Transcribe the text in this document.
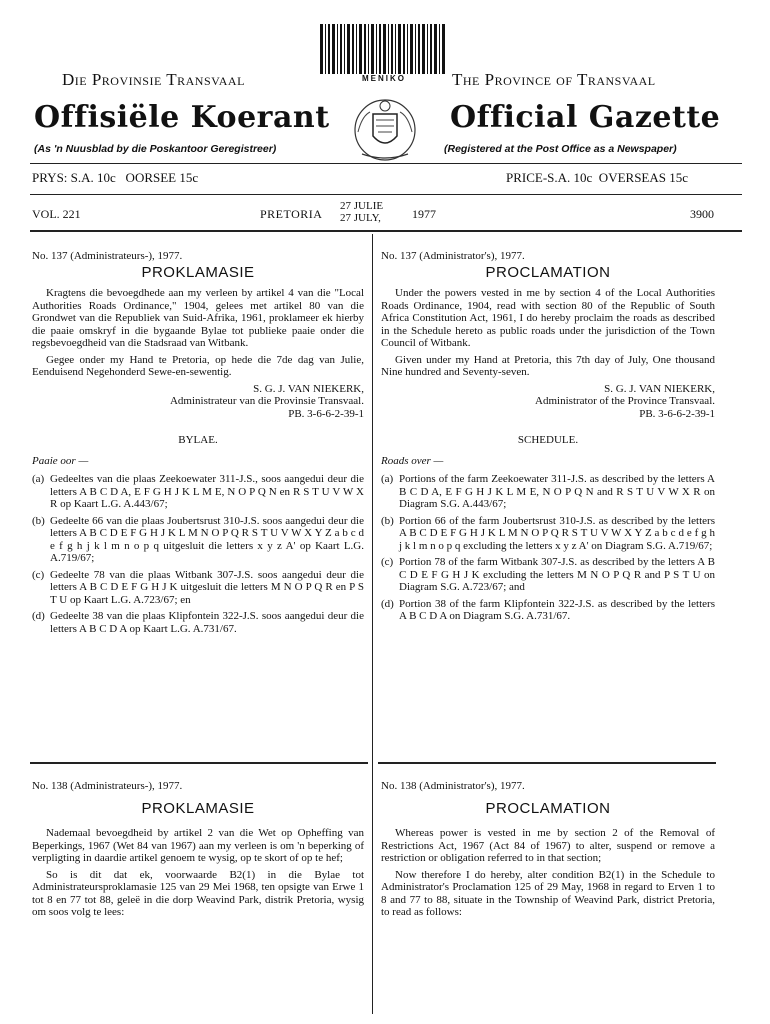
MENIKO
Die Provinsie Transvaal	The Province of Transvaal
Offisiële Koerant	Official Gazette
(As 'n Nuusblad by die Poskantoor Geregistreer)	(Registered at the Post Office as a Newspaper)
PRYS: S.A. 10c   OORSEE 15c	PRICE-S.A. 10c  OVERSEAS 15c
VOL. 221	PRETORIA
27 JULIE
27 JULY,	1977	3900
No. 137 (Administrateurs-), 1977.
PROKLAMASIE

Kragtens die bevoegdhede aan my verleen by artikel 4 van die "Local Authorities Roads Ordinance," 1904, gelees met artikel 80 van die Grondwet van die Republiek van Suid-Afrika, 1961, proklameer ek hierby die paaie omskryf in die bygaande Bylae tot publieke paaie onder die regsbevoegdheid van die Stadsraad van Witbank.

Gegee onder my Hand te Pretoria, op hede die 7de dag van Julie, Eenduisend Negehonderd Sewe-en-sewentig.

S. G. J. VAN NIEKERK,
Administrateur van die Provinsie Transvaal.
PB. 3-6-6-2-39-1
BYLAE.
Paaie oor —
(a) Gedeeltes van die plaas Zeekoewater 311-J.S., soos aangedui deur die letters A B C D A, E F G H J K L M E, N O P Q N en R S T U V W X R op Kaart L.G. A.443/67;
(b) Gedeelte 66 van die plaas Joubertsrust 310-J.S. soos aangedui deur die letters A B C D E F G H J K L M N O P Q R S T U V W X Y Z a b c d e f g h j k l m n o p q uitgesluit die letters x y z A' op Kaart L.G. A.719/67;
(c) Gedeelte 78 van die plaas Witbank 307-J.S. soos aangedui deur die letters A B C D E F G H J K uitgesluit die letters M N O P Q R en P S T U op Kaart L.G. A.723/67; en
(d) Gedeelte 38 van die plaas Klipfontein 322-J.S. soos aangedui deur die letters A B C D A op Kaart L.G. A.731/67.
No. 137 (Administrator's), 1977.
PROCLAMATION

Under the powers vested in me by section 4 of the Local Authorities Roads Ordinance, 1904, read with section 80 of the Republic of South Africa Constitution Act, 1961, I do hereby proclaim the roads as described in the Schedule hereto as public roads under the jurisdiction of the Town Council of Witbank.

Given under my Hand at Pretoria, this 7th day of July, One thousand Nine hundred and Seventy-seven.

S. G. J. VAN NIEKERK,
Administrator of the Province Transvaal.
PB. 3-6-6-2-39-1
SCHEDULE.
Roads over —
(a) Portions of the farm Zeekoewater 311-J.S. as described by the letters A B C D A, E F G H J K L M E, N O P Q N and R S T U V W X R on Diagram S.G. A.443/67;
(b) Portion 66 of the farm Joubertsrust 310-J.S. as described by the letters A B C D E F G H J K L M N O P Q R S T U V W X Y Z a b c d e f g h j k l m n o p q excluding the letters x y z A' on Diagram S.G. A.719/67;
(c) Portion 78 of the farm Witbank 307-J.S. as described by the letters A B C D E F G H J K excluding the letters M N O P Q R and P S T U on Diagram S.G. A.723/67; and
(d) Portion 38 of the farm Klipfontein 322-J.S. as described by the letters A B C D A on Diagram S.G. A.731/67.
No. 138 (Administrateurs-), 1977.
PROKLAMASIE

Nademaal bevoegdheid by artikel 2 van die Wet op Opheffing van Beperkings, 1967 (Wet 84 van 1967) aan my verleen is om 'n beperking of verpligting in daardie artikel genoem te wysig, op te skort of op te hef;

So is dit dat ek, voorwaarde B2(1) in die Bylae tot Administrateursproklamasie 125 van 29 Mei 1968, ten opsigte van Erwe 1 tot 8 en 77 tot 88, geleë in die dorp Weavind Park, distrik Pretoria, wysig om soos volg te lees:

No. 138 (Administrator's), 1977.
PROCLAMATION

Whereas power is vested in me by section 2 of the Removal of Restrictions Act, 1967 (Act 84 of 1967) to alter, suspend or remove a restriction or obligation referred to in that section;

Now therefore I do hereby, alter condition B2(1) in the Schedule to Administrator's Proclamation 125 of 29 May, 1968 in regard to Erven 1 to 8 and 77 to 88, situate in the Township of Weavind Park, district Pretoria, to read as follows:
